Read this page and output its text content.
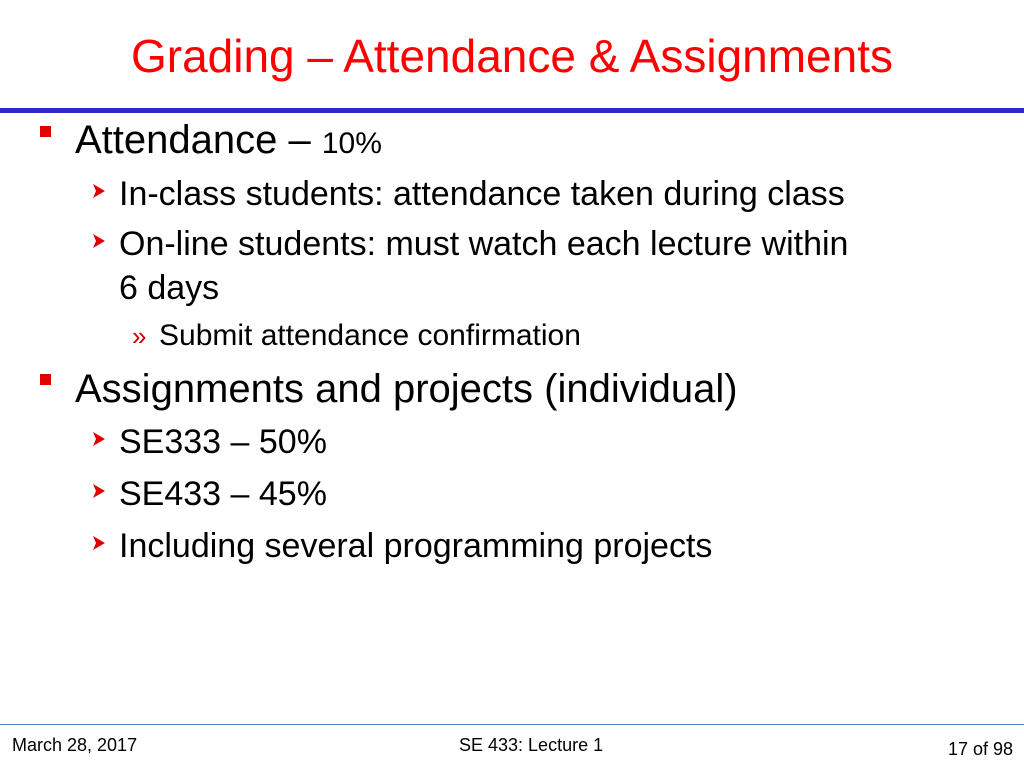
Grading – Attendance & Assignments
Attendance – 10%
In-class students: attendance taken during class
On-line students: must watch each lecture within
6 days
» Submit attendance confirmation
Assignments and projects (individual)
SE333 – 50%
SE433 – 45%
Including several programming projects
March 28, 2017	SE 433: Lecture 1	17 of 98
